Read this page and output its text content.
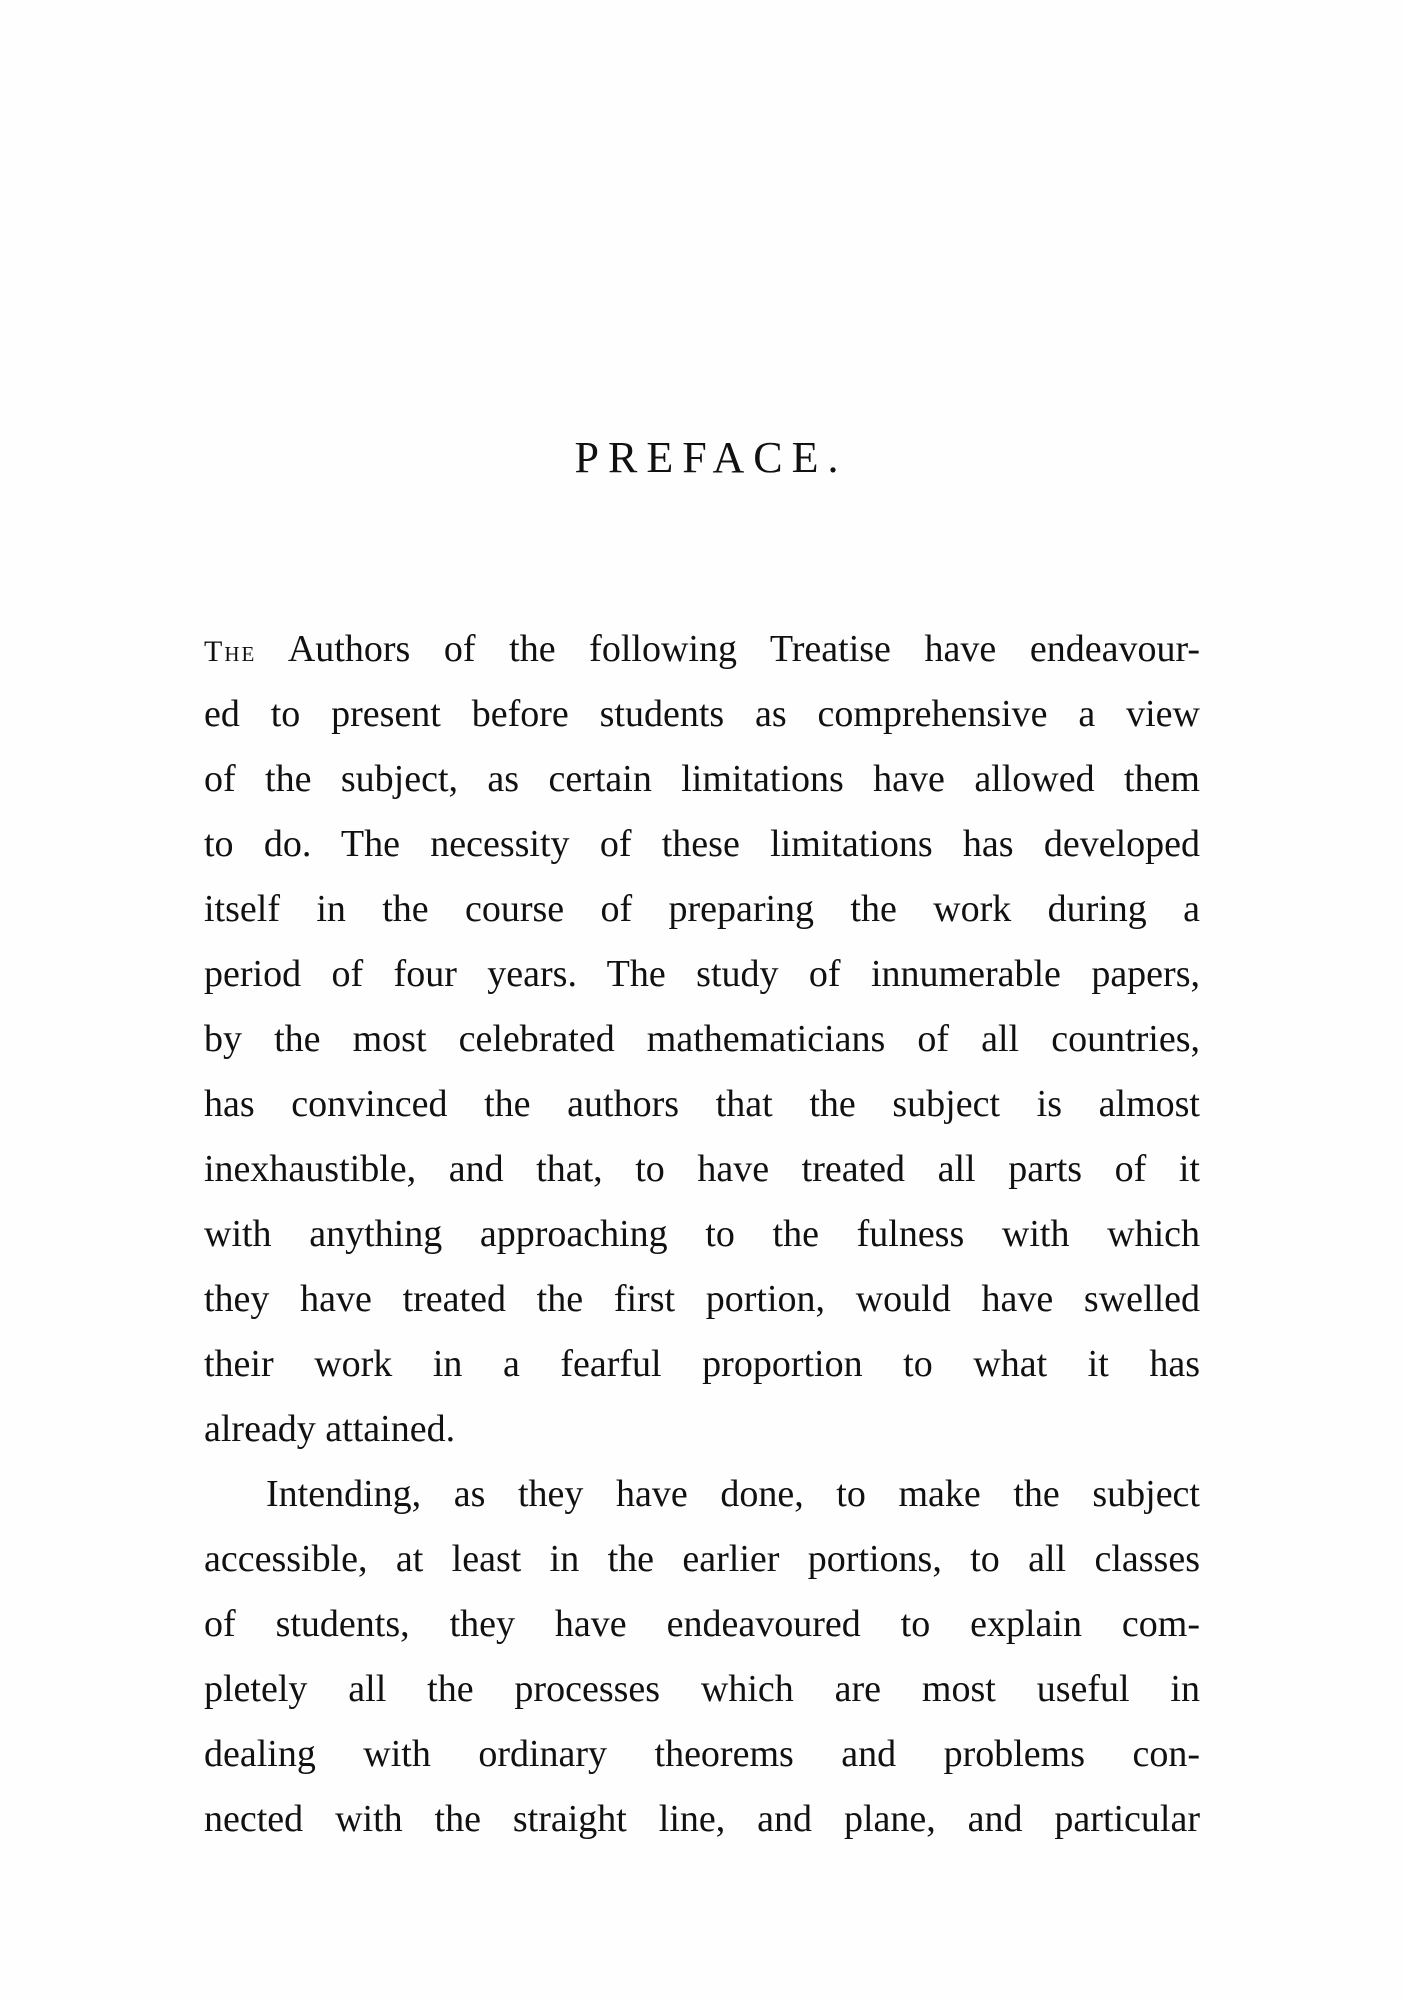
PREFACE.
The Authors of the following Treatise have endeavour-
ed to present before students as comprehensive a view
of the subject, as certain limitations have allowed them
to do. The necessity of these limitations has developed
itself in the course of preparing the work during a
period of four years. The study of innumerable papers,
by the most celebrated mathematicians of all countries,
has convinced the authors that the subject is almost
inexhaustible, and that, to have treated all parts of it
with anything approaching to the fulness with which
they have treated the first portion, would have swelled
their work in a fearful proportion to what it has
already attained.
Intending, as they have done, to make the subject
accessible, at least in the earlier portions, to all classes
of students, they have endeavoured to explain com-
pletely all the processes which are most useful in
dealing with ordinary theorems and problems con-
nected with the straight line, and plane, and particular
